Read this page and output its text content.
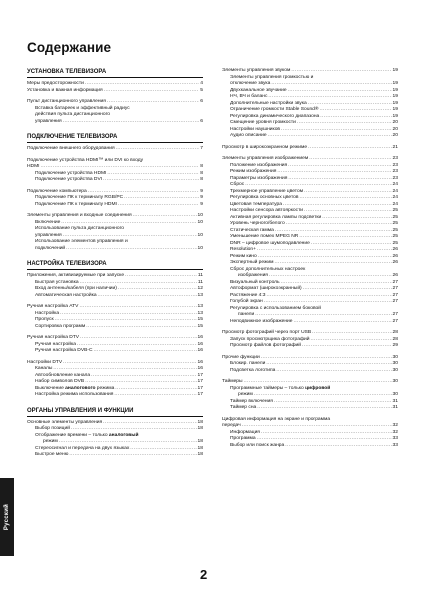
Содержание
УСТАНОВКА ТЕЛЕВИЗОРА
Меры предосторожности .....	4
Установка и важная информация .....	5
Пульт дистанционного управления .....	6
Вставка батареек и эффективный радиус
действия пульта дистанционного
управления .....	6
ПОДКЛЮЧЕНИЕ ТЕЛЕВИЗОРА
Подключение внешнего оборудования .....	7
Подключение устройства HDMI™ или DVI ко входу
HDMI .....	8
Подключение устройства HDMI .....	8
Подключение устройства DVI .....	8
Подключение компьютера .....	9
Подключение ПК к терминалу RGB/PC .....	9
Подключение ПК к терминалу HDMI .....	9
Элементы управления и входные соединения .....	10
Включение .....	10
Использование пульта дистанционного
управления .....	10
Использование элементов управления и
подключений .....	10
НАСТРОЙКА ТЕЛЕВИЗОРА
Приложения, активизируемые при запуске .....	11
Быстрая установка .....	11
Вход антенны/кабеля (при наличии) .....	12
Автоматическая настройка .....	13
Ручная настройка ATV .....	13
Настройка .....	13
Пропуск .....	15
Сортировка программ .....	15
Ручная настройка DTV .....	16
Ручная настройка .....	16
Ручная настройка DVB-C .....	16
Настройки DTV .....	16
Каналы .....	16
Автообновление канала .....	17
Набор символов DVB .....	17
Выключение аналогового режима .....	17
Настройка режима использования .....	17
ОРГАНЫ УПРАВЛЕНИЯ И ФУНКЦИИ
Основные элементы управления .....	18
Выбор позиций .....	18
Отображение времени – только аналоговый
режим .....	18
Стереосигнал и передача на двух языках .....	18
Быстрое меню .....	18
Элементы управления звуком .....	19
Элементы управления громкостью и
отключение звука .....	19
Двухканальное звучание .....	19
НЧ, ВЧ и баланс .....	19
Дополнительные настройки звука .....	19
Ограничение громкости Stable Sound® .....	19
Регулировка динамического диапазона .....	19
Смещение уровня громкости .....	20
Настройки наушников .....	20
Аудио описание .....	20
Просмотр в широкоэкранном режиме .....	21
Элементы управления изображением .....	23
Положение изображения .....	23
Режим изображения .....	23
Параметры изображения .....	23
Сброс .....	24
Трехмерное управление цветом .....	24
Регулировка основных цветов .....	24
Цветовая температура .....	24
Настройки сенсора автояркости .....	25
Активная регулировка лампы подсветки .....	25
Уровень черного/белого .....	25
Статическая гамма .....	25
Уменьшение помех MPEG NR .....	25
DNR – цифровое шумоподавление .....	25
Resolution+ .....	26
Режим кино .....	26
Экспертный режим .....	26
Сброс дополнительных настроек
изображения .....	26
Визуальный контроль .....	27
Автоформат (широкоэкранный) .....	27
Растяжение 4:3 .....	27
Голубой экран .....	27
Регулировка с использованием боковой
панели .....	27
Неподвижное изображение .....	27
Просмотр фотографий через порт USB .....	28
Запуск просмотрщика фотографий .....	28
Просмотр файлов фотографий .....	29
Прочие функции .....	30
Блокир. панели .....	30
Подсветка логотипа .....	30
Таймеры .....	30
Программные таймеры – только цифровой
режим .....	30
Таймер включения .....	31
Таймер сна .....	31
Цифровая информация на экране и программа
передач .....	32
Информация .....	32
Программа .....	33
Выбор или поиск жанра .....	33
Русский
2
